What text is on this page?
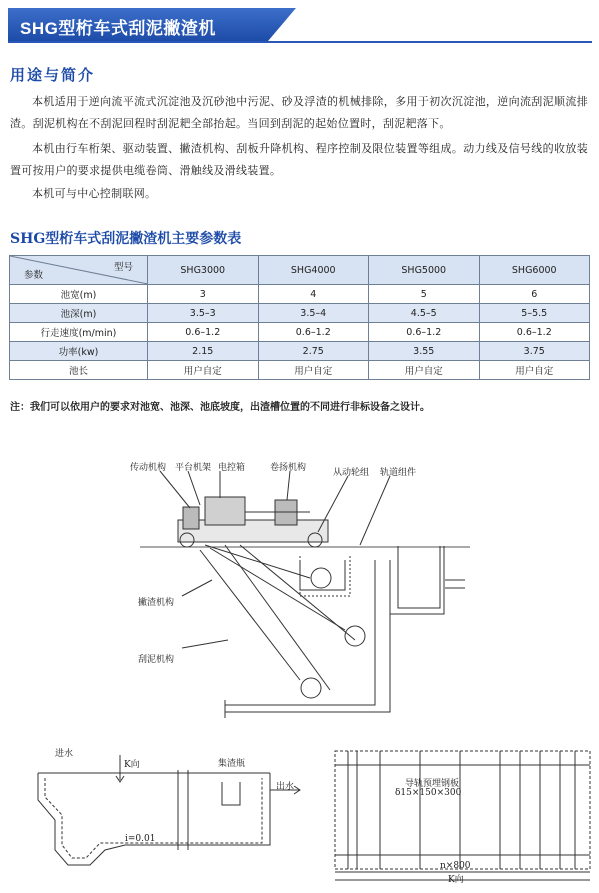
SHG型桁车式刮泥撇渣机
用途与简介
本机适用于逆向流平流式沉淀池及沉砂池中污泥、砂及浮渣的机械排除，多用于初次沉淀池，逆向流刮泥顺流排渣。刮泥机构在不刮泥回程时刮泥耙全部抬起。当回到刮泥的起始位置时，刮泥耙落下。
本机由行车桁架、驱动装置、撇渣机构、刮板升降机构、程序控制及限位装置等组成。动力线及信号线的收放装置可按用户的要求提供电缆卷筒、滑触线及滑线装置。
本机可与中心控制联网。
SHG型桁车式刮泥撇渣机主要参数表
型号
参数	SHG3000	SHG4000	SHG5000	SHG6000
池宽(m)	3	4	5	6
池深(m)	3.5–3	3.5–4	4.5–5	5–5.5
行走速度(m/min)	0.6–1.2	0.6–1.2	0.6–1.2	0.6–1.2
功率(kw)	2.15	2.75	3.55	3.75
池长	用户自定	用户自定	用户自定	用户自定
注：我们可以依用户的要求对池宽、池深、池底坡度，出渣槽位置的不同进行非标设备之设计。
传动机构 平台机架 电控箱	卷扬机构	从动轮组 轨道组件
撇渣机构
刮泥机构
进水
K向	集渣瓶
出水
i=0.01
导轨预埋钢板
δ15×150×300
n×800
K向
